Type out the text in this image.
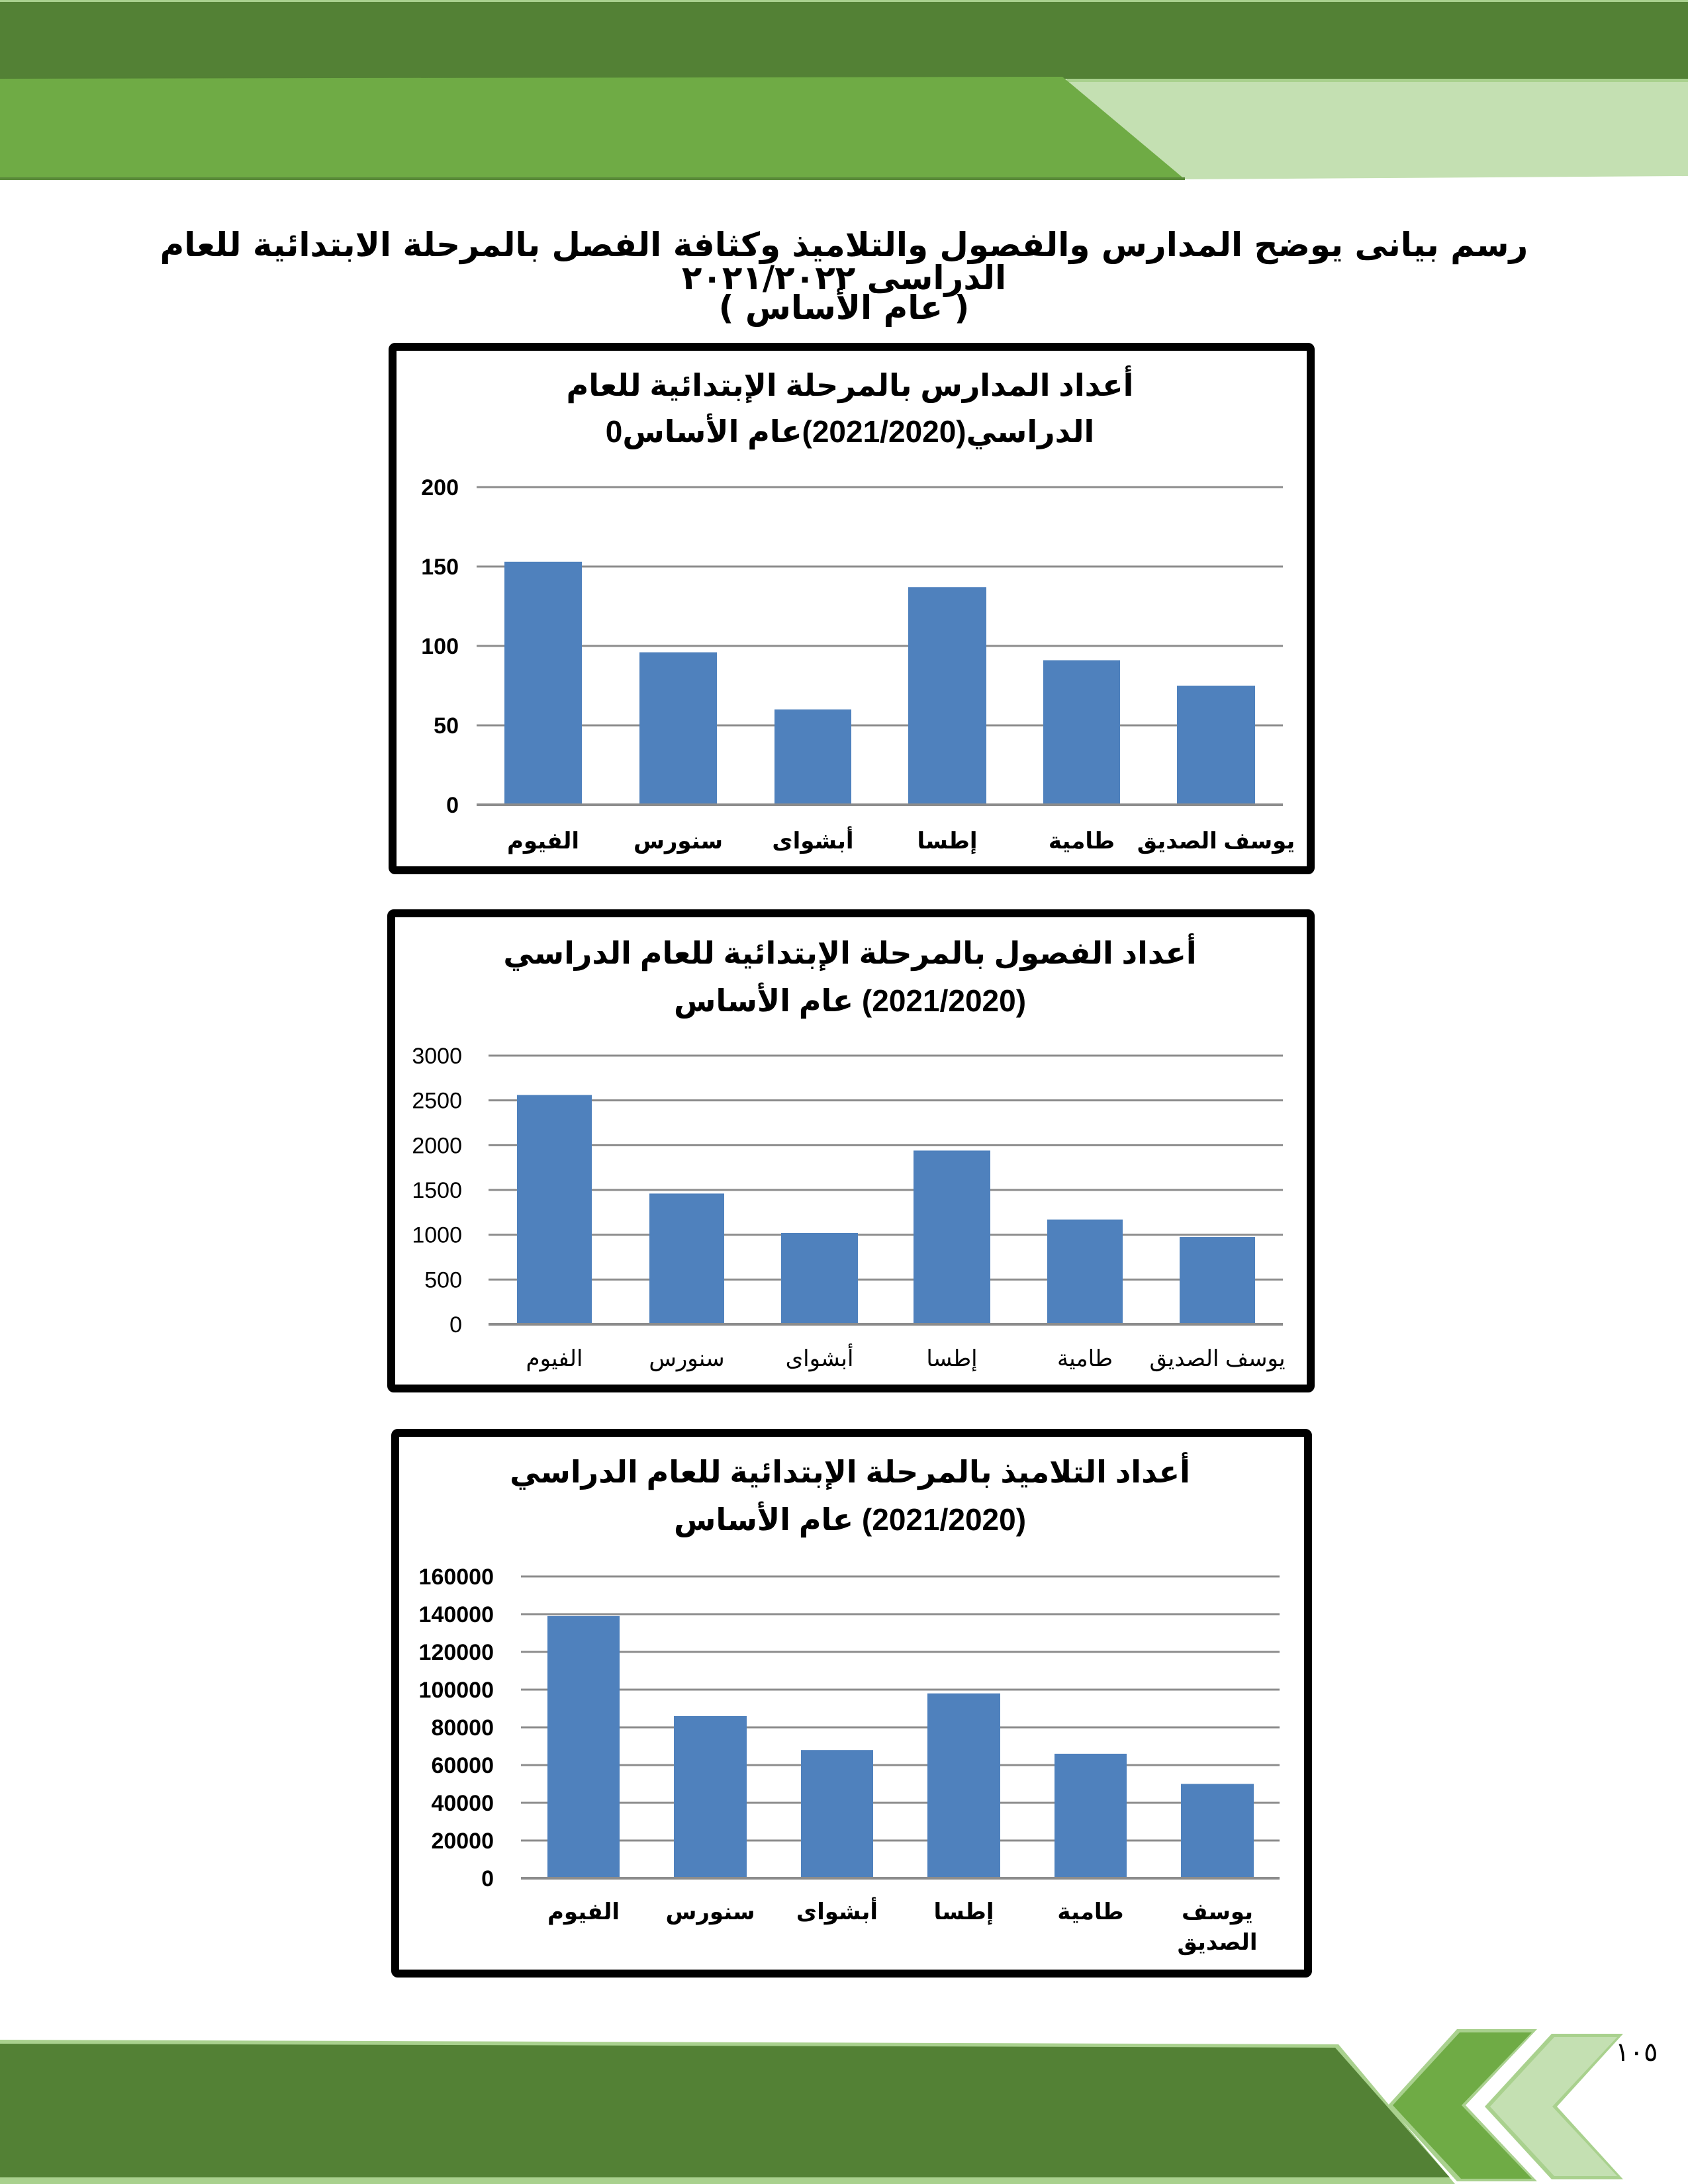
أعداد المدارس بالمرحلة الإبتدائية للعام
الدراسي(2021/2020)عام الأساس0
0
50
100
150
200
الفيوم سنورس أبشواى	إطسا	طامية يوسف الصديق
أعداد الفصول بالمرحلة الإبتدائية للعام الدراسي
(2021/2020) عام الأساس
0
500
1000
1500
2000
2500
3000
الفيوم	سنورس	أبشواى	إطسا	طامية يوسف الصديق
أعداد التلاميذ بالمرحلة الإبتدائية للعام الدراسي
(2021/2020) عام الأساس
0
20000
40000
60000
80000
100000
120000
140000
160000
الفيوم سنورس أبشواى إطسا	طامية	يوسف
الصديق
رسم بيانى يوضح المدارس والفصول والتلاميذ وكثافة الفصل بالمرحلة الابتدائية للعام الدراسى ٢٠٢١/٢٠٢٢
( عام الأساس )
١٠٥
